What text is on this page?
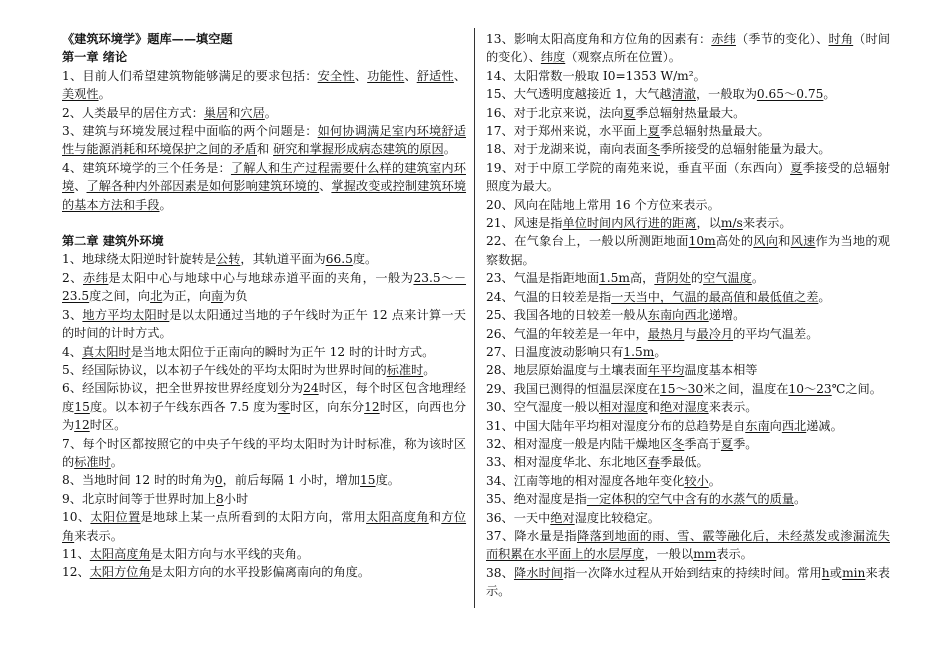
《建筑环境学》题库——填空题
第一章 绪论
1、目前人们希望建筑物能够满足的要求包括：安全性、功能性、舒适性、美观性。
2、人类最早的居住方式：巢居和穴居。
3、建筑与环境发展过程中面临的两个问题是：如何协调满足室内环境舒适性与能源消耗和环境保护之间的矛盾和 研究和掌握形成病态建筑的原因。
4、建筑环境学的三个任务是：了解人和生产过程需要什么样的建筑室内环境、了解各种内外部因素是如何影响建筑环境的、掌握改变或控制建筑环境的基本方法和手段。
第二章 建筑外环境
1、地球绕太阳逆时针旋转是公转，其轨道平面为66.5度。
2、赤纬是太阳中心与地球中心与地球赤道平面的夹角，一般为23.5～－ 23.5度之间，向北为正，向南为负
3、地方平均太阳时是以太阳通过当地的子午线时为正午 12 点来计算一天的时间的计时方式。
4、真太阳时是当地太阳位于正南向的瞬时为正午 12 时的计时方式。
5、经国际协议，以本初子午线处的平均太阳时为世界时间的标准时。
6、经国际协议，把全世界按世界经度划分为24时区，每个时区包含地理经度15度。以本初子午线东西各 7.5 度为零时区，向东分12时区，向西也分为12时区。
7、每个时区都按照它的中央子午线的平均太阳时为计时标准，称为该时区的标准时。
8、当地时间 12 时的时角为0，前后每隔 1 小时，增加15度。
9、北京时间等于世界时加上8小时
10、太阳位置是地球上某一点所看到的太阳方向，常用太阳高度角和方位角来表示。
11、太阳高度角是太阳方向与水平线的夹角。
12、太阳方位角是太阳方向的水平投影偏离南向的角度。
13、影响太阳高度角和方位角的因素有：赤纬（季节的变化）、时角（时间的变化）、纬度（观察点所在位置）。
14、太阳常数一般取 I0=1353 W/m²。
15、大气透明度越接近 1，大气越清澈，一般取为0.65～0.75。
16、对于北京来说，法向夏季总辐射热量最大。
17、对于郑州来说，水平面上夏季总辐射热量最大。
18、对于龙湖来说，南向表面冬季所接受的总辐射能量为最大。
19、对于中原工学院的南苑来说，垂直平面（东西向）夏季接受的总辐射照度为最大。
20、风向在陆地上常用 16 个方位来表示。
21、风速是指单位时间内风行进的距离，以m/s来表示。
22、在气象台上，一般以所测距地面10m高处的风向和风速作为当地的观察数据。
23、气温是指距地面1.5m高，背阴处的空气温度。
24、气温的日较差是指一天当中，气温的最高值和最低值之差。
25、我国各地的日较差一般从东南向西北递增。
26、气温的年较差是一年中，最热月与最冷月的平均气温差。
27、日温度波动影响只有1.5m。
28、地层原始温度与土壤表面年平均温度基本相等
29、我国已测得的恒温层深度在15～30米之间，温度在10～23℃之间。
30、空气湿度一般以相对湿度和绝对湿度来表示。
31、中国大陆年平均相对湿度分布的总趋势是自东南向西北递减。
32、相对湿度一般是内陆干燥地区冬季高于夏季。
33、相对湿度华北、东北地区春季最低。
34、江南等地的相对湿度各地年变化较小。
35、绝对湿度是指一定体积的空气中含有的水蒸气的质量。
36、一天中绝对湿度比较稳定。
37、降水量是指降落到地面的雨、雪、霰等融化后，未经蒸发或渗漏流失而积累在水平面上的水层厚度，一般以mm表示。
38、降水时间指一次降水过程从开始到结束的持续时间。常用h或min来表示。
